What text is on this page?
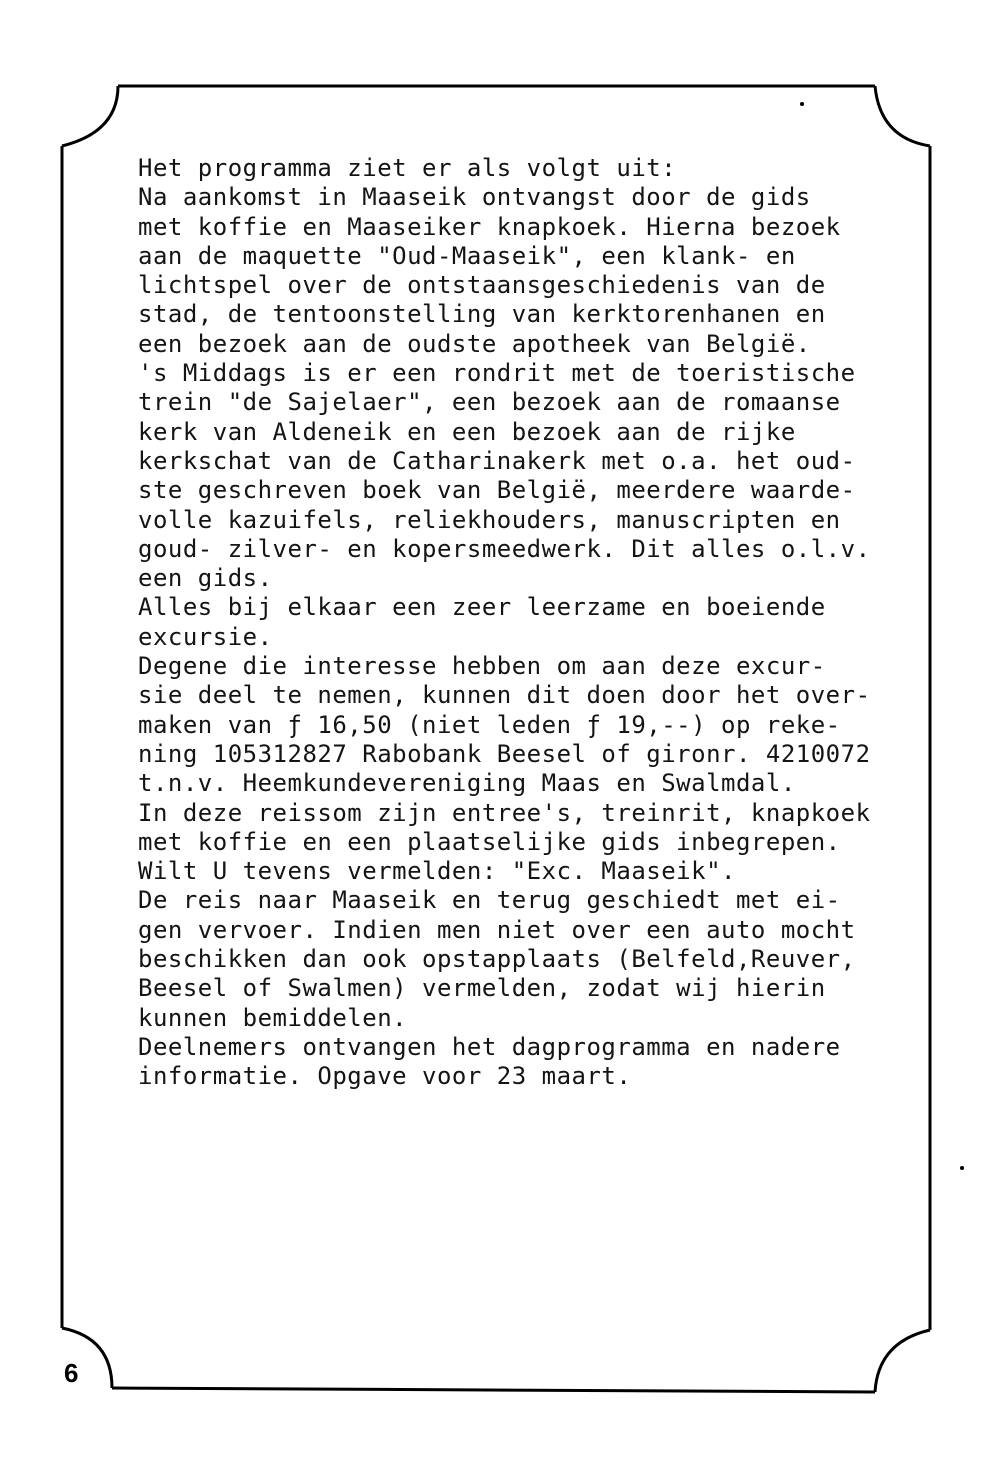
Het programma ziet er als volgt uit:
Na aankomst in Maaseik ontvangst door de gids
met koffie en Maaseiker knapkoek. Hierna bezoek
aan de maquette "Oud-Maaseik", een klank- en
lichtspel over de ontstaansgeschiedenis van de
stad, de tentoonstelling van kerktorenhanen en
een bezoek aan de oudste apotheek van België.
's Middags is er een rondrit met de toeristische
trein "de Sajelaer", een bezoek aan de romaanse
kerk van Aldeneik en een bezoek aan de rijke
kerkschat van de Catharinakerk met o.a. het oud-
ste geschreven boek van België, meerdere waarde-
volle kazuifels, reliekhouders, manuscripten en
goud- zilver- en kopersmeedwerk. Dit alles o.l.v.
een gids.
Alles bij elkaar een zeer leerzame en boeiende
excursie.
Degene die interesse hebben om aan deze excur-
sie deel te nemen, kunnen dit doen door het over-
maken van ƒ 16,50 (niet leden ƒ 19,--) op reke-
ning 105312827 Rabobank Beesel of gironr. 4210072
t.n.v. Heemkundevereniging Maas en Swalmdal.
In deze reissom zijn entree's, treinrit, knapkoek
met koffie en een plaatselijke gids inbegrepen.
Wilt U tevens vermelden: "Exc. Maaseik".
De reis naar Maaseik en terug geschiedt met ei-
gen vervoer. Indien men niet over een auto mocht
beschikken dan ook opstapplaats (Belfeld,Reuver,
Beesel of Swalmen) vermelden, zodat wij hierin
kunnen bemiddelen.
Deelnemers ontvangen het dagprogramma en nadere
informatie. Opgave voor 23 maart.
6
